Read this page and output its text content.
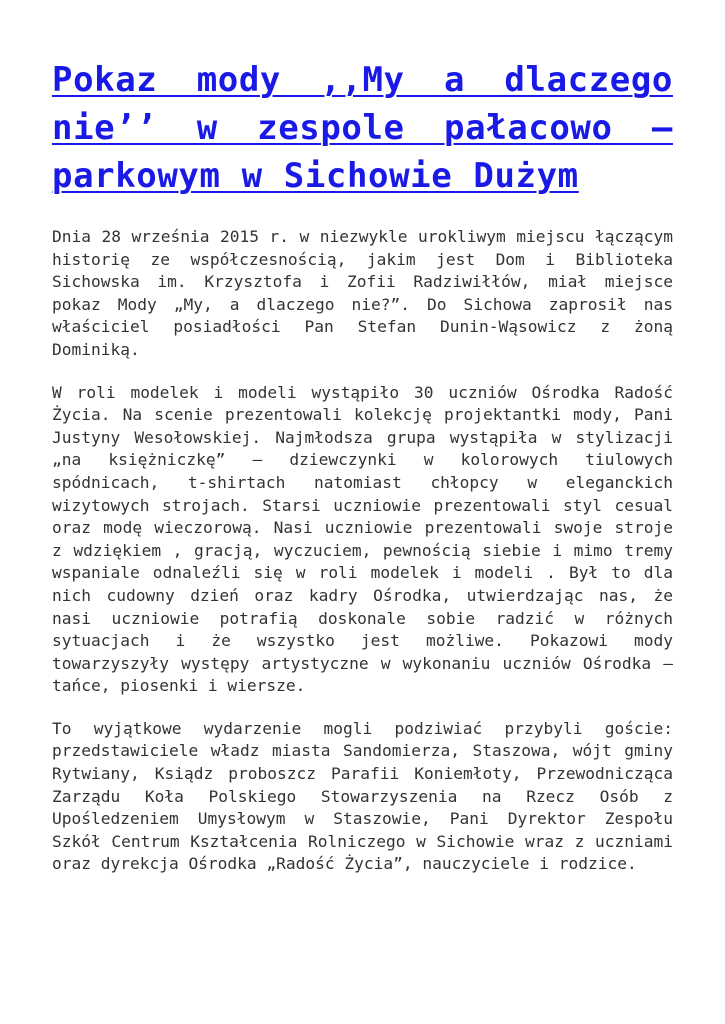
Pokaz mody ,,My a dlaczego nie’’ w zespole pałacowo – parkowym w Sichowie Dużym

Dnia 28 września 2015 r. w niezwykle urokliwym miejscu łączącym historię ze współczesnością, jakim jest Dom i Biblioteka Sichowska im. Krzysztofa i Zofii Radziwiłłów, miał miejsce pokaz Mody „My, a dlaczego nie?”. Do Sichowa zaprosił nas właściciel posiadłości Pan Stefan Dunin-Wąsowicz z żoną Dominiką.

W roli modelek i modeli wystąpiło 30 uczniów Ośrodka Radość Życia. Na scenie prezentowali kolekcję projektantki mody, Pani Justyny Wesołowskiej. Najmłodsza grupa wystąpiła w stylizacji „na księżniczkę” – dziewczynki w kolorowych tiulowych spódnicach, t-shirtach natomiast chłopcy w eleganckich wizytowych strojach. Starsi uczniowie prezentowali styl cesual oraz modę wieczorową. Nasi uczniowie prezentowali swoje stroje z wdziękiem , gracją, wyczuciem, pewnością siebie i mimo tremy wspaniale odnaleźli się w roli modelek i modeli . Był to dla nich cudowny dzień oraz kadry Ośrodka, utwierdzając nas, że nasi uczniowie potrafią doskonale sobie radzić w różnych sytuacjach i że wszystko jest możliwe. Pokazowi mody towarzyszyły występy artystyczne w wykonaniu uczniów Ośrodka – tańce, piosenki i wiersze.

To wyjątkowe wydarzenie mogli podziwiać przybyli goście: przedstawiciele władz miasta Sandomierza, Staszowa, wójt gminy Rytwiany, Ksiądz proboszcz Parafii Koniemłoty, Przewodnicząca Zarządu Koła Polskiego Stowarzyszenia na Rzecz Osób z Upośledzeniem Umysłowym w Staszowie, Pani Dyrektor Zespołu Szkół Centrum Kształcenia Rolniczego w Sichowie wraz z uczniami oraz dyrekcja Ośrodka „Radość Życia”, nauczyciele i rodzice.
